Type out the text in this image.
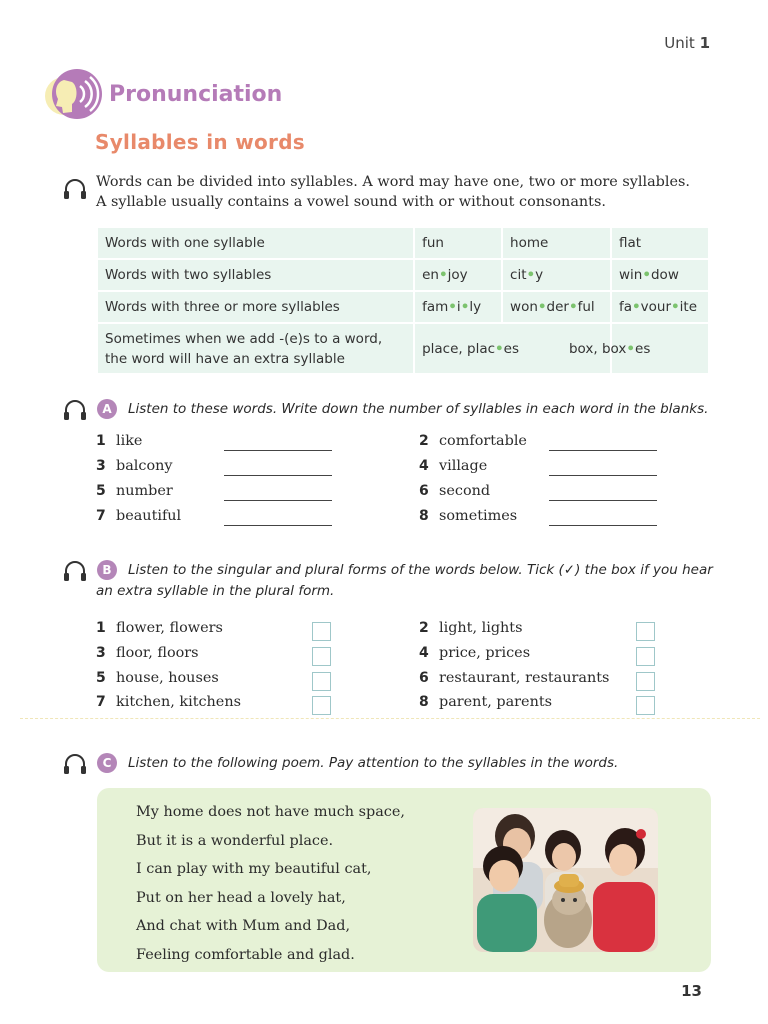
Unit 1
Pronunciation
Syllables in words
Words can be divided into syllables. A word may have one, two or more syllables.
A syllable usually contains a vowel sound with or without consonants.
Words with one syllable	fun	home	flat
Words with two syllables	en•joy	cit•y	win•dow
Words with three or more syllables	fam•i•ly	won•der•ful	fa•vour•ite

Sometimes when we add -(e)s to a word,
the word will have an extra syllable	place, plac•es		box, box•es
A	Listen to these words. Write down the number of syllables in each word in the blanks.
1 like	2 comfortable
3 balcony	4 village
5 number	6 second
7 beautiful	8 sometimes
B	Listen to the singular and plural forms of the words below. Tick (✓) the box if you hear
an extra syllable in the plural form.
1 flower, flowers	2 light, lights
3 floor, floors	4 price, prices
5 house, houses	6 restaurant, restaurants
7 kitchen, kitchens	8 parent, parents
C	Listen to the following poem. Pay attention to the syllables in the words.
My home does not have much space,
But it is a wonderful place.
I can play with my beautiful cat,
Put on her head a lovely hat,
And chat with Mum and Dad,
Feeling comfortable and glad.
13
